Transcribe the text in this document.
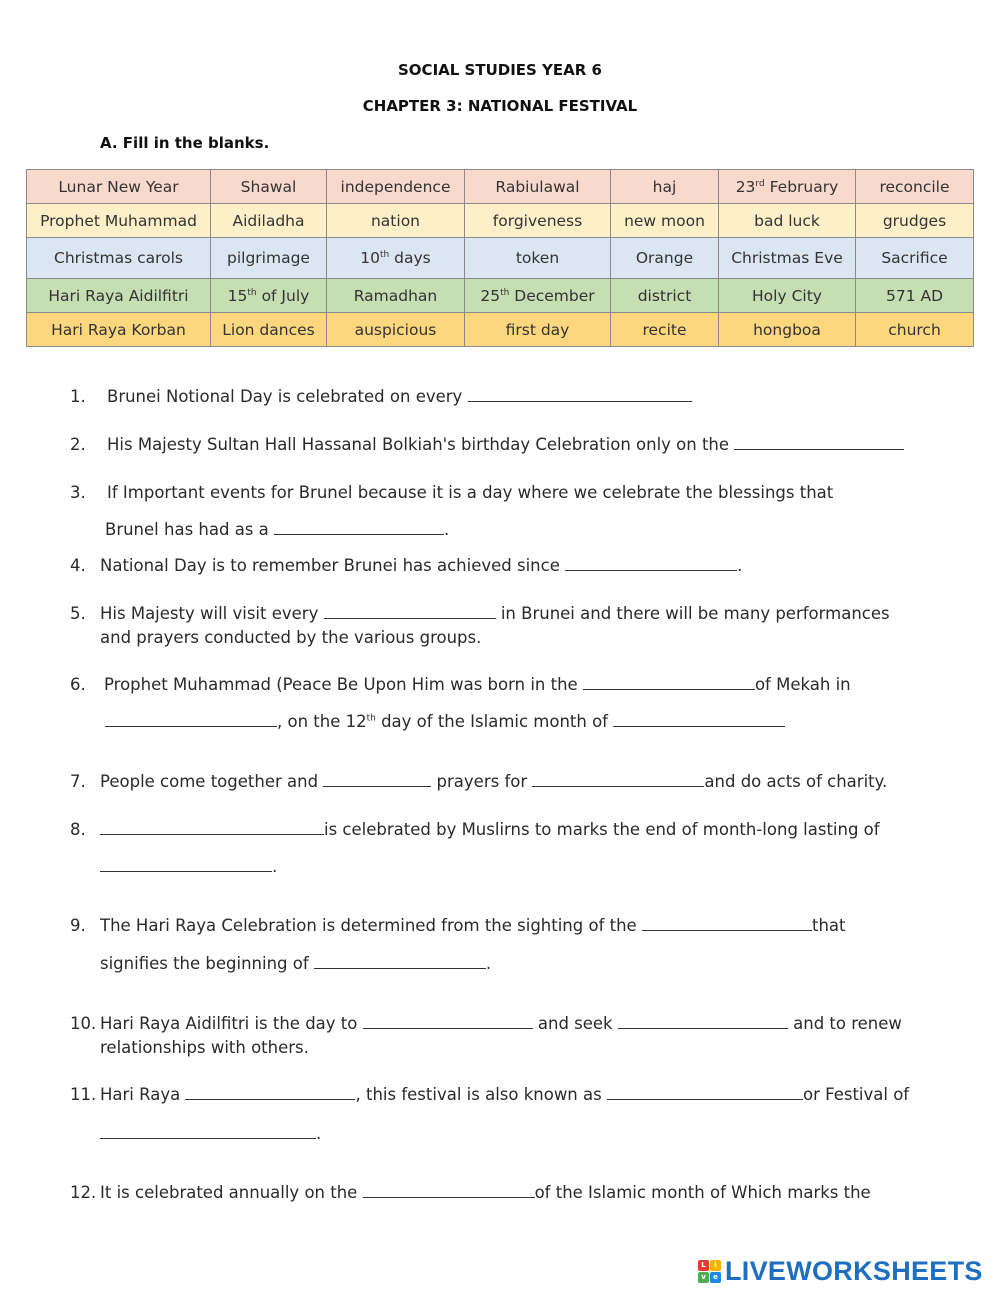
SOCIAL STUDIES YEAR 6
CHAPTER 3: NATIONAL FESTIVAL
A. Fill in the blanks.
Lunar New Year	Shawal	independence	Rabiulawal	haj	23rd February	reconcile
Prophet Muhammad	Aidiladha	nation	forgiveness	new moon	bad luck	grudges
Christmas carols	pilgrimage	10th days	token	Orange	Christmas Eve	Sacrifice
Hari Raya Aidilfitri	15th of July	Ramadhan	25th December	district	Holy City	571 AD
Hari Raya Korban	Lion dances	auspicious	first day	recite	hongboa	church
1. Brunei Notional Day is celebrated on every
2. His Majesty Sultan Hall Hassanal Bolkiah's birthday Celebration only on the
3. If Important events for Brunel because it is a day where we celebrate the blessings that
Brunel has had as a	.
4. National Day is to remember Brunei has achieved since	.
5. His Majesty will visit every	in Brunei and there will be many performances
and prayers conducted by the various groups.
6. Prophet Muhammad (Peace Be Upon Him was born in the	of Mekah in
, on the 12th day of the Islamic month of
7. People come together and	prayers for	and do acts of charity.
8.	is celebrated by Muslirns to marks the end of month-long lasting of
.
9. The Hari Raya Celebration is determined from the sighting of the	that
signifies the beginning of	.
10. Hari Raya Aidilfitri is the day to	and seek	and to renew
relationships with others.
11. Hari Raya	, this festival is also known as	or Festival of
.
12. It is celebrated annually on the	of the Islamic month of Which marks the
L	i
v	e LIVEWORKSHEETS
